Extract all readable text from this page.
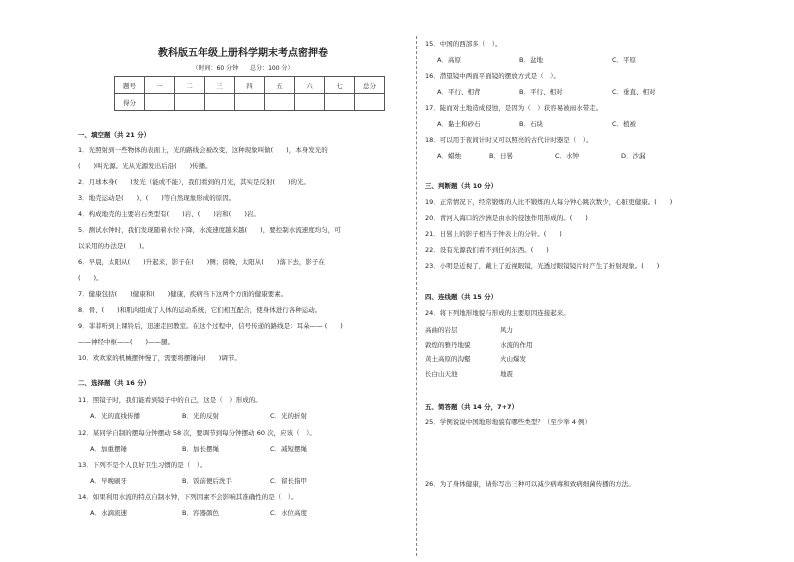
教科版五年级上册科学期末考点密押卷
（时间：60 分钟　　总分：100 分）
题号	一	二	三	四	五	六	七	总分
得分								
一、填空题（共 21 分）
1．光照射到一些物体的表面上，光的路线会被改变，这种现象叫做(　　)，本身发光的
(　　)叫光源。光从光源发出后沿(　　)传播。
2．月球本身(　　)发光（能或不能），我们看到的月光，其实是反射(　　)的光。
3．地壳运动是(　　)、(　　)等自然现象形成的原因。
4．构成地壳的主要岩石类型有(　　)岩、(　　)岩和(　　)岩。
5．测试水钟时，我们发现随着水位下降，水流速度越来越(　　)，要控制水流速度均匀，可
以采用的办法是(　　)。
6．早晨，太阳从(　　)升起来，影子在(　　)侧；傍晚，太阳从(　　)落下去，影子在
(　　)。
7．健康包括(　　)健康和(　　)健康，疾病当下这两个方面的健康要素。
8．骨、(　　)和肌肉组成了人体的运动系统，它们相互配合，使身体进行各种运动。
9．菲菲听到上课铃后，迅速走回教室。在这个过程中，信号传递的路线是：耳朵—— (　　)
——神经中枢——(　　)——腿。
10．欢欢家的机械摆钟慢了，需要将摆锤向(　　)调节。
二、选择题（共 16 分）
11．照镜子时，我们能看到镜子中的自己，这是（　）形成的。
A．光的直线传播	B．光的反射	C．光的折射
12．某同学自制的摆每分钟摆动 58 次，要调节到每分钟摆动 60 次，应该（　）。
A．加重摆锤	B．加长摆绳	C．减短摆绳
13．下列不是个人良好卫生习惯的是（　）。
A．早晚刷牙	B．饭前便后洗手	C．留长指甲
14．如果利用水流的特点自制水钟，下列因素不会影响其准确性的是（　）。
A．水滴流速	B．容器颜色	C．水位高度
15．中国的西部多（　）。
A．高原	B．盆地	C．平原
16．潜望镜中两面平面镜的摆放方式是（　）。
A．平行、相背	B．平行、相对	C．垂直、相对
17．陡而对土地造成侵蚀，是因为（　）获容易被雨水带走。
A．黏土和砂石	B．石块	C．植被
18．可以用于夜间计时又可以照亮的古代计时器是（　）。
A．蜡烛	B．日晷	C．水钟	D．沙漏
三、判断题（共 10 分）
19．正常情况下，经常锻炼的人比不锻炼的人每分钟心跳次数少，心脏更健康。(　　)
20．青河入海口的沙洲是由水的侵蚀作用形成的。(　　)
21．日晷上的影子相当于钟表上的分针。(　　)
22．设有光源我们看不到任何东西。(　　)
23．小明是近视了，戴上了近视眼镜，光透过眼镜镜片时产生了折射现象。(　　)
四、连线题（共 15 分）
24．将下列地形地貌与形成的主要原因连接起来。
高曲的岩层	风力
敦煌的雅丹地貌	水流的作用
黄土高原的沟壑	火山爆发
长白山天池	地震
五、简答题（共 14 分，7+7）
25．学例说说中国地形地貌有哪些类型？（至少举 4 例）
26．为了身体健康，请你写出三种可以减少病毒和致病细菌传播的方法。
